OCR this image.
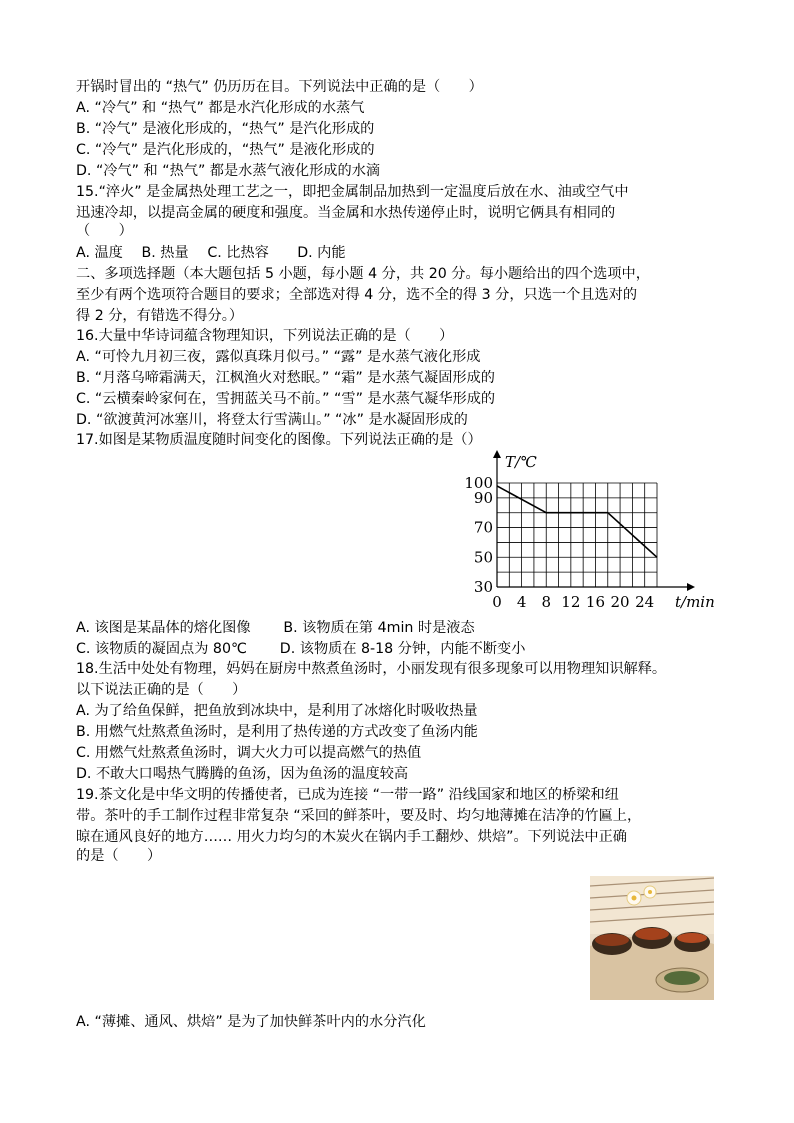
开锅时冒出的 “热气” 仍历历在目。下列说法中正确的是（　　）
A. “冷气” 和 “热气” 都是水汽化形成的水蒸气
B. “冷气” 是液化形成的，“热气” 是汽化形成的
C. “冷气” 是汽化形成的，“热气” 是液化形成的
D. “冷气” 和 “热气” 都是水蒸气液化形成的水滴
15.“淬火” 是金属热处理工艺之一，即把金属制品加热到一定温度后放在水、油或空气中
迅速冷却，以提高金属的硬度和强度。当金属和水热传递停止时，说明它俩具有相同的
（　　）
A. 温度　 B. 热量　 C. 比热容　　D. 内能
二、多项选择题（本大题包括 5 小题，每小题 4 分，共 20 分。每小题给出的四个选项中，
至少有两个选项符合题目的要求；全部选对得 4 分，选不全的得 3 分，只选一个且选对的
得 2 分，有错选不得分。）
16.大量中华诗词蕴含物理知识，下列说法正确的是（　　）
A. “可怜九月初三夜，露似真珠月似弓。” “露” 是水蒸气液化形成
B. “月落乌啼霜满天，江枫渔火对愁眠。” “霜” 是水蒸气凝固形成的
C. “云横秦岭家何在，雪拥蓝关马不前。” “雪” 是水蒸气凝华形成的
D. “欲渡黄河冰塞川，将登太行雪满山。” “冰” 是水凝固形成的
17.如图是某物质温度随时间变化的图像。下列说法正确的是（）
0 4 8 12 16 20 24
30
50
70
90
100
T/℃
t/min
A. 该图是某晶体的熔化图像　　 B. 该物质在第 4min 时是液态
C. 该物质的凝固点为 80℃　　 D. 该物质在 8-18 分钟，内能不断变小
18.生活中处处有物理，妈妈在厨房中熬煮鱼汤时，小丽发现有很多现象可以用物理知识解释。
以下说法正确的是（　　）
A. 为了给鱼保鲜，把鱼放到冰块中，是利用了冰熔化时吸收热量
B. 用燃气灶熬煮鱼汤时，是利用了热传递的方式改变了鱼汤内能
C. 用燃气灶熬煮鱼汤时，调大火力可以提高燃气的热值
D. 不敢大口喝热气腾腾的鱼汤，因为鱼汤的温度较高
19.茶文化是中华文明的传播使者，已成为连接 “一带一路” 沿线国家和地区的桥梁和纽
带。茶叶的手工制作过程非常复杂 “采回的鲜茶叶，要及时、均匀地薄摊在洁净的竹匾上，
晾在通风良好的地方…… 用火力均匀的木炭火在锅内手工翻炒、烘焙”。下列说法中正确
的是（　　）
A. “薄摊、通风、烘焙” 是为了加快鲜茶叶内的水分汽化
